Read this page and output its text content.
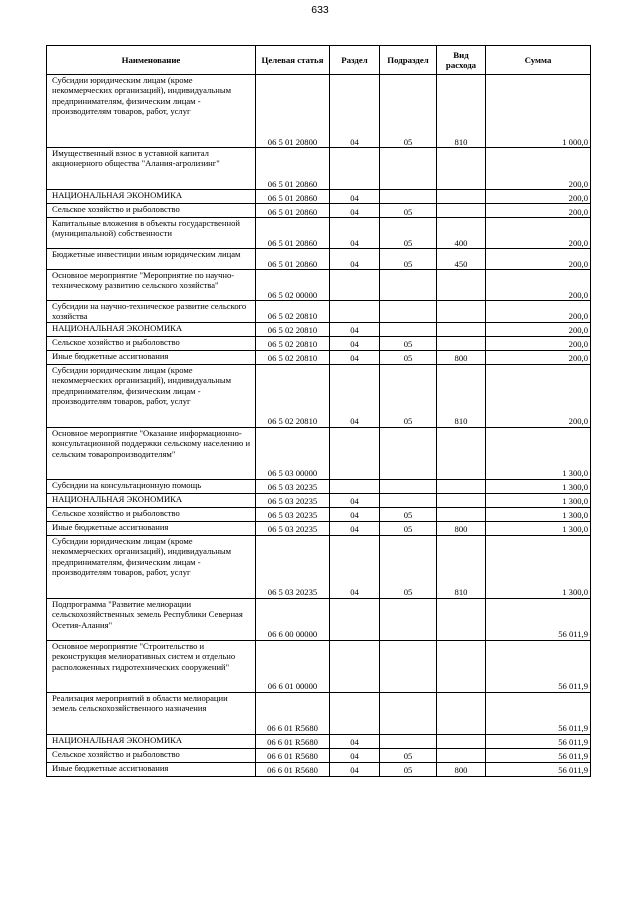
633
Наименование	Целевая статья	Раздел	Подраздел	Вид расхода	Сумма
Субсидии юридическим лицам (кроме некоммерческих организаций), индивидуальным предпринимателям, физическим лицам - производителям товаров, работ, услуг	06 5 01 20800	04	05	810	1 000,0
Имущественный взнос в уставной капитал акционерного общества "Алания-агролизинг"	06 5 01 20860				200,0
НАЦИОНАЛЬНАЯ ЭКОНОМИКА	06 5 01 20860	04			200,0
Сельское хозяйство и рыболовство	06 5 01 20860	04	05		200,0
Капитальные вложения в объекты государственной (муниципальной) собственности	06 5 01 20860	04	05	400	200,0
Бюджетные инвестиции иным юридическим лицам	06 5 01 20860	04	05	450	200,0
Основное мероприятие "Мероприятие по научно-техническому развитию сельского хозяйства"	06 5 02 00000				200,0
Субсидии на научно-техническое развитие сельского хозяйства	06 5 02 20810				200,0
НАЦИОНАЛЬНАЯ ЭКОНОМИКА	06 5 02 20810	04			200,0
Сельское хозяйство и рыболовство	06 5 02 20810	04	05		200,0
Иные бюджетные ассигнования	06 5 02 20810	04	05	800	200,0
Субсидии юридическим лицам (кроме некоммерческих организаций), индивидуальным предпринимателям, физическим лицам - производителям товаров, работ, услуг	06 5 02 20810	04	05	810	200,0
Основное мероприятие "Оказание информационно-консультационной поддержки сельскому населению и сельским товаропроизводителям"	06 5 03 00000				1 300,0
Субсидии на консультационную помощь	06 5 03 20235				1 300,0
НАЦИОНАЛЬНАЯ ЭКОНОМИКА	06 5 03 20235	04			1 300,0
Сельское хозяйство и рыболовство	06 5 03 20235	04	05		1 300,0
Иные бюджетные ассигнования	06 5 03 20235	04	05	800	1 300,0
Субсидии юридическим лицам (кроме некоммерческих организаций), индивидуальным предпринимателям, физическим лицам - производителям товаров, работ, услуг	06 5 03 20235	04	05	810	1 300,0
Подпрограмма "Развитие мелиорации сельскохозяйственных земель Республики Северная Осетия-Алания"	06 6 00 00000				56 011,9
Основное мероприятие "Строительство и реконструкция мелиоративных систем и отдельно расположенных гидротехнических сооружений"	06 6 01 00000				56 011,9
Реализация мероприятий в области мелиорации земель сельскохозяйственного назначения	06 6 01 R5680				56 011,9
НАЦИОНАЛЬНАЯ ЭКОНОМИКА	06 6 01 R5680	04			56 011,9
Сельское хозяйство и рыболовство	06 6 01 R5680	04	05		56 011,9
Иные бюджетные ассигнования	06 6 01 R5680	04	05	800	56 011,9
